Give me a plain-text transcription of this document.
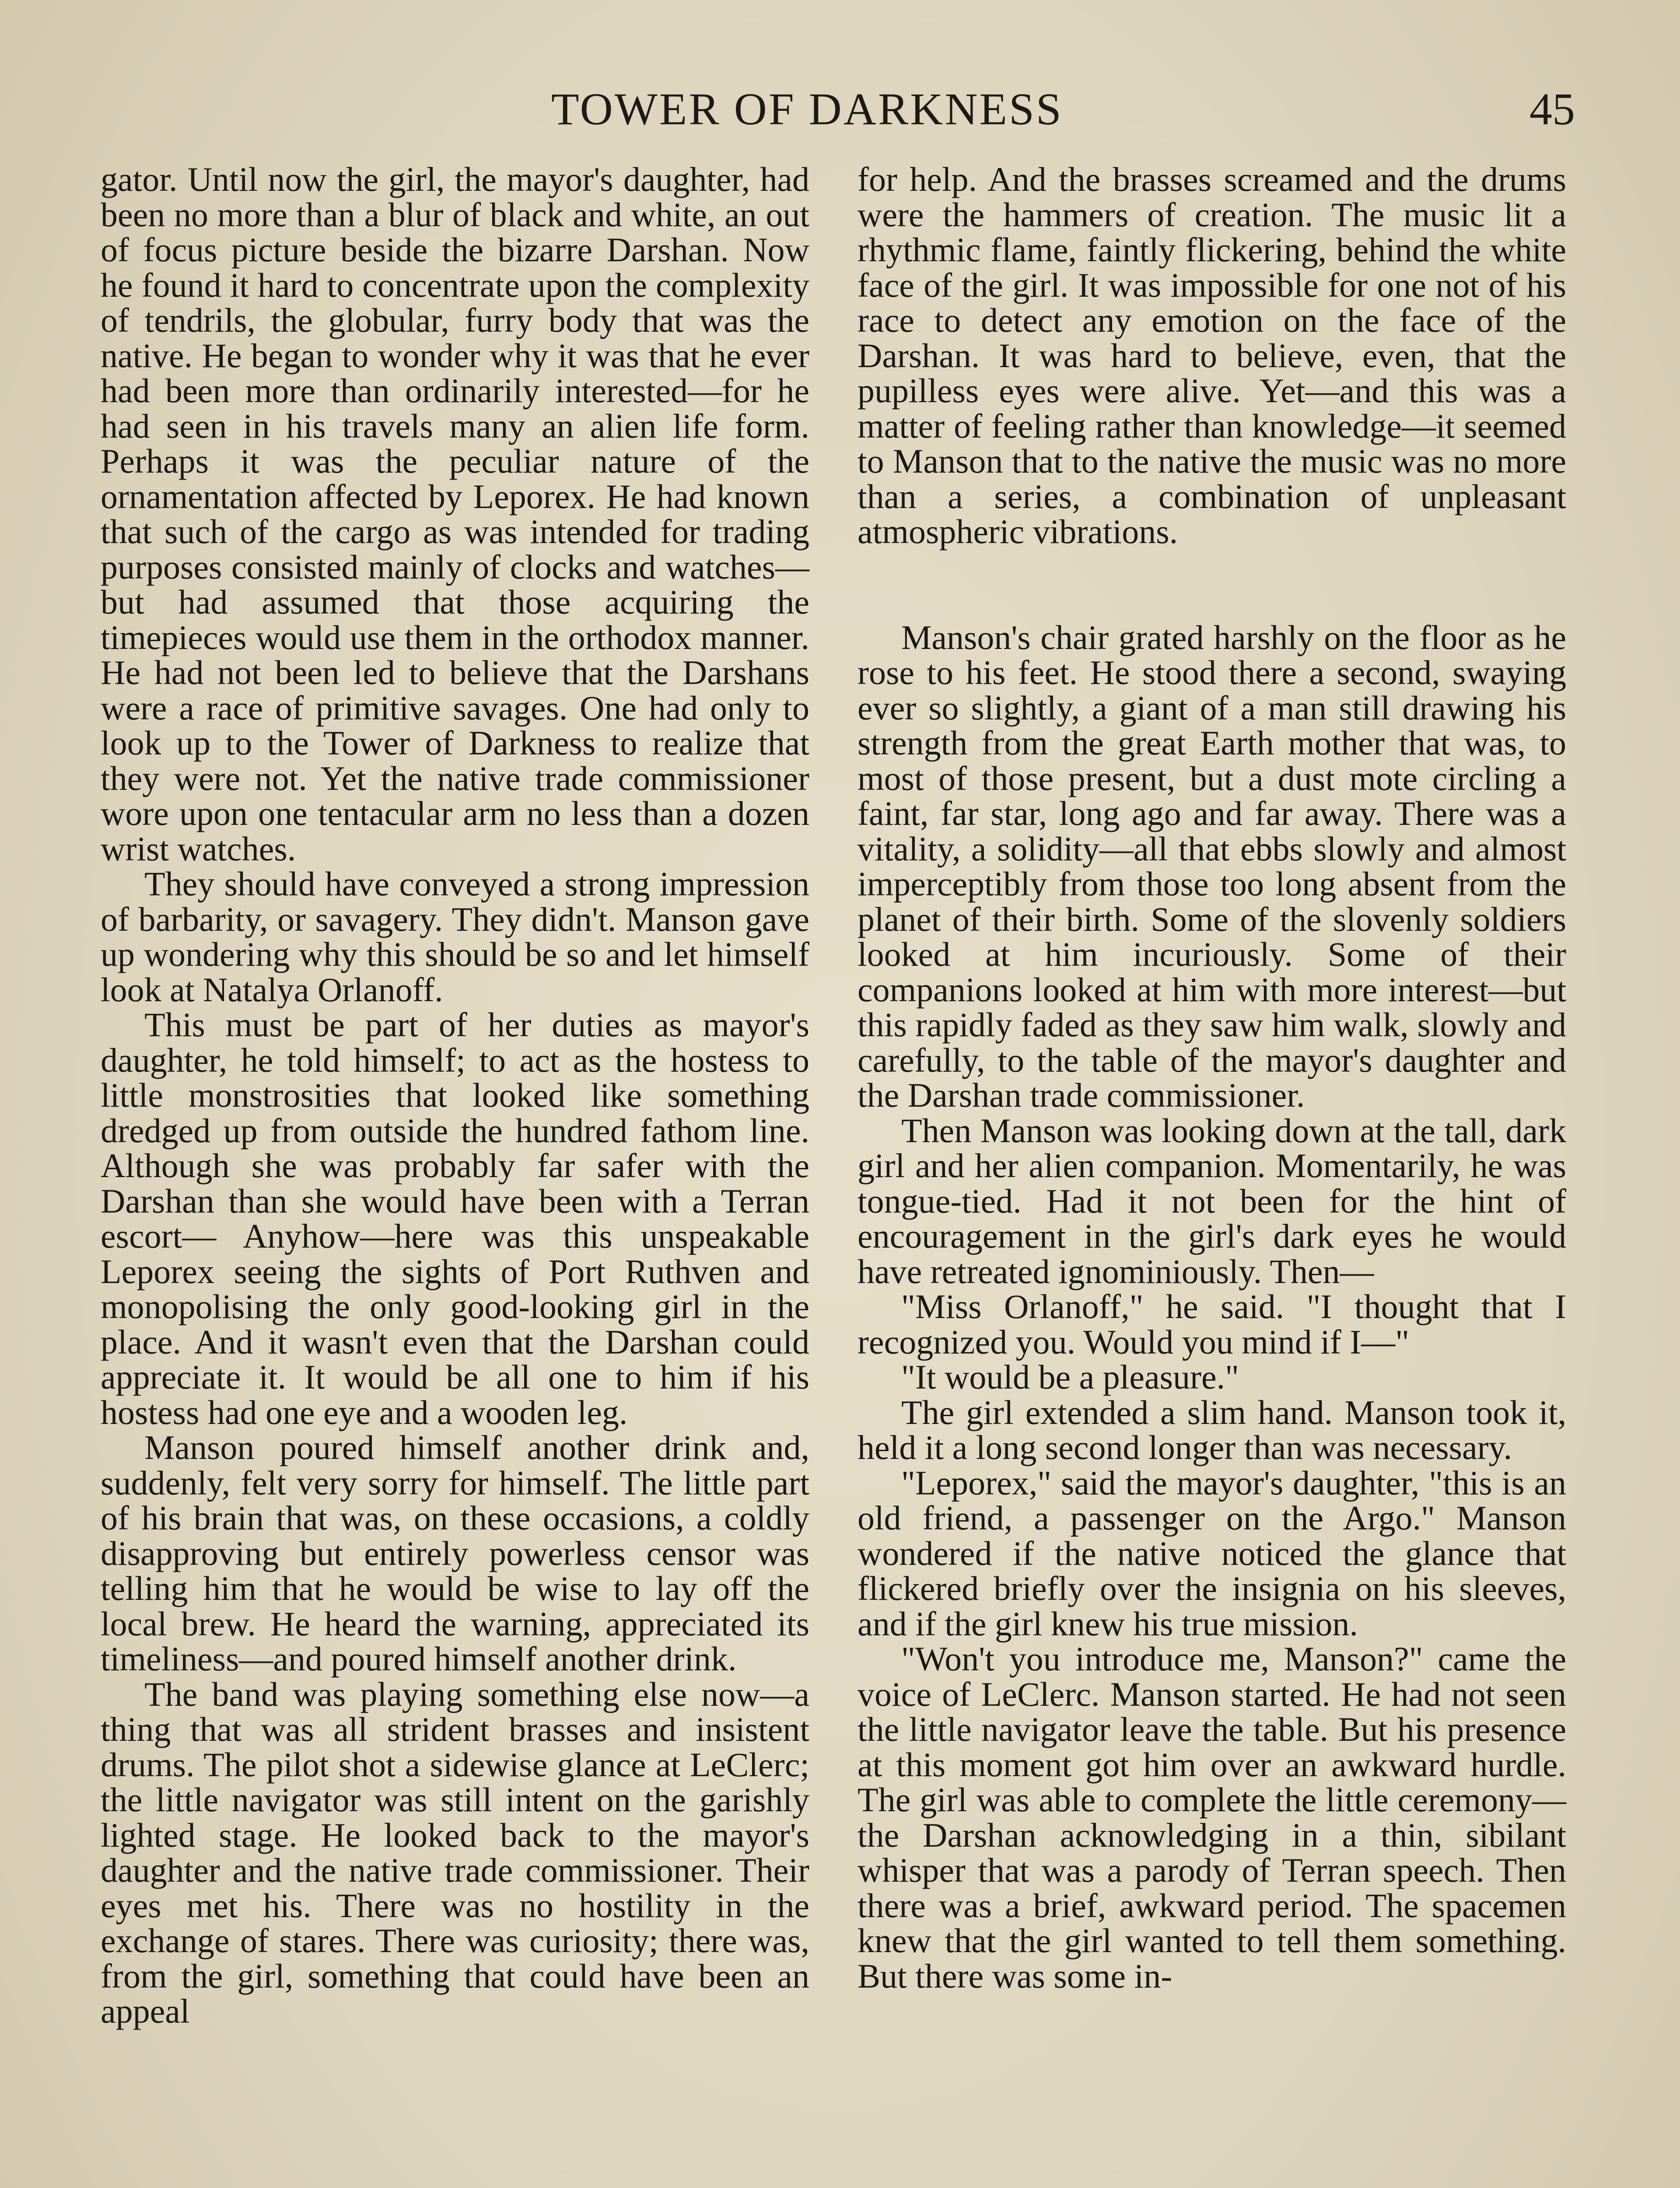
TOWER OF DARKNESS	45

gator. Until now the girl, the mayor's daughter, had been no more than a blur of black and white, an out of focus picture beside the bizarre Darshan. Now he found it hard to concentrate upon the complexity of tendrils, the globular, furry body that was the native. He began to wonder why it was that he ever had been more than ordinarily interested—for he had seen in his travels many an alien life form. Perhaps it was the peculiar nature of the ornamentation affected by Leporex. He had known that such of the cargo as was intended for trading purposes consisted mainly of clocks and watches—but had assumed that those acquiring the timepieces would use them in the orthodox manner. He had not been led to believe that the Darshans were a race of primitive savages. One had only to look up to the Tower of Darkness to realize that they were not. Yet the native trade commissioner wore upon one tentacular arm no less than a dozen wrist watches.

They should have conveyed a strong impression of barbarity, or savagery. They didn't. Manson gave up wondering why this should be so and let himself look at Natalya Orlanoff.

This must be part of her duties as mayor's daughter, he told himself; to act as the hostess to little monstrosities that looked like something dredged up from outside the hundred fathom line. Although she was probably far safer with the Darshan than she would have been with a Terran escort— Anyhow—here was this unspeakable Leporex seeing the sights of Port Ruthven and monopolising the only good-looking girl in the place. And it wasn't even that the Darshan could appreciate it. It would be all one to him if his hostess had one eye and a wooden leg.

Manson poured himself another drink and, suddenly, felt very sorry for himself. The little part of his brain that was, on these occasions, a coldly disapproving but entirely powerless censor was telling him that he would be wise to lay off the local brew. He heard the warning, appreciated its timeliness—and poured himself another drink.

The band was playing something else now—a thing that was all strident brasses and insistent drums. The pilot shot a sidewise glance at LeClerc; the little navigator was still intent on the garishly lighted stage. He looked back to the mayor's daughter and the native trade commissioner. Their eyes met his. There was no hostility in the exchange of stares. There was curiosity; there was, from the girl, something that could have been an appeal

for help. And the brasses screamed and the drums were the hammers of creation. The music lit a rhythmic flame, faintly flickering, behind the white face of the girl. It was impossible for one not of his race to detect any emotion on the face of the Darshan. It was hard to believe, even, that the pupilless eyes were alive. Yet—and this was a matter of feeling rather than knowledge—it seemed to Manson that to the native the music was no more than a series, a combination of unpleasant atmospheric vibrations.

Manson's chair grated harshly on the floor as he rose to his feet. He stood there a second, swaying ever so slightly, a giant of a man still drawing his strength from the great Earth mother that was, to most of those present, but a dust mote circling a faint, far star, long ago and far away. There was a vitality, a solidity—all that ebbs slowly and almost imperceptibly from those too long absent from the planet of their birth. Some of the slovenly soldiers looked at him incuriously. Some of their companions looked at him with more interest—but this rapidly faded as they saw him walk, slowly and carefully, to the table of the mayor's daughter and the Darshan trade commissioner.

Then Manson was looking down at the tall, dark girl and her alien companion. Momentarily, he was tongue-tied. Had it not been for the hint of encouragement in the girl's dark eyes he would have retreated ignominiously. Then—

"Miss Orlanoff," he said. "I thought that I recognized you. Would you mind if I—"

"It would be a pleasure."

The girl extended a slim hand. Manson took it, held it a long second longer than was necessary.

"Leporex," said the mayor's daughter, "this is an old friend, a passenger on the Argo." Manson wondered if the native noticed the glance that flickered briefly over the insignia on his sleeves, and if the girl knew his true mission.

"Won't you introduce me, Manson?" came the voice of LeClerc. Manson started. He had not seen the little navigator leave the table. But his presence at this moment got him over an awkward hurdle. The girl was able to complete the little ceremony—the Darshan acknowledging in a thin, sibilant whisper that was a parody of Terran speech. Then there was a brief, awkward period. The spacemen knew that the girl wanted to tell them something. But there was some in-
